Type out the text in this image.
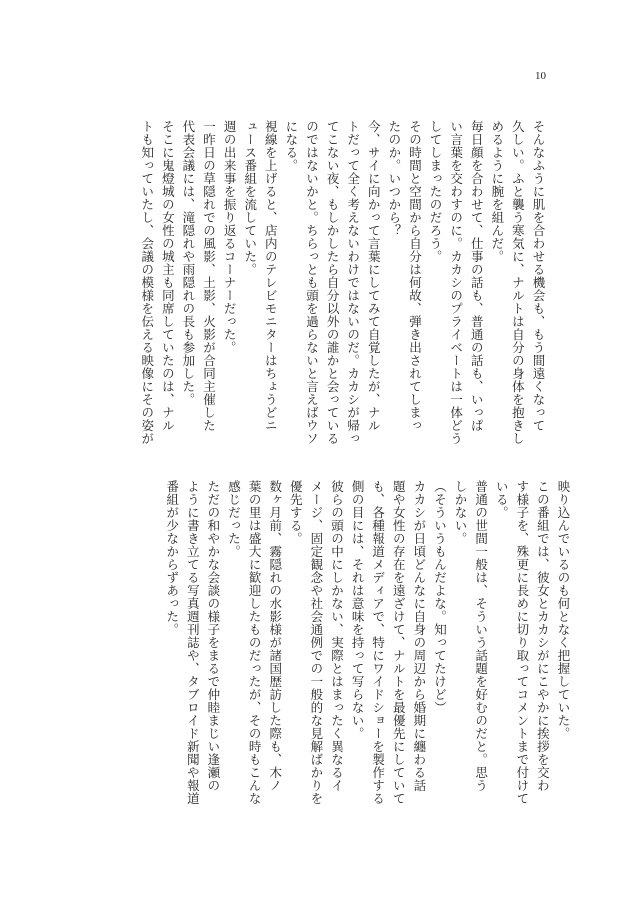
10
そんなふうに肌を合わせる機会も、もう間遠くなって
久しい。ふと襲う寒気に、ナルトは自分の身体を抱きし
めるように腕を組んだ。
毎日顔を合わせて、仕事の話も、普通の話も、いっぱ
い言葉を交わすのに。カカシのプライベートは一体どう
してしまったのだろう。
その時間と空間から自分は何故、弾き出されてしまっ
たのか。いつから？
今、サイに向かって言葉にしてみて自覚したが、ナル
トだって全く考えないわけではないのだ。カカシが帰っ
てこない夜、もしかしたら自分以外の誰かと会っている
のではないかと。ちらっとも頭を過らないと言えばウソ
になる。
視線を上げると、店内のテレビモニターはちょうどニ
ュース番組を流していた。
週の出来事を振り返るコーナーだった。
一昨日の草隠れでの風影、土影、火影が合同主催した
代表会議には、滝隠れや雨隠れの長も参加した。
そこに鬼燈城の女性の城主も同席していたのは、ナル
トも知っていたし、会議の模様を伝える映像にその姿が
映り込んでいるのも何となく把握していた。
この番組では、彼女とカカシがにこやかに挨拶を交わ
す様子を、殊更に長めに切り取ってコメントまで付けて
いる。
普通の世間一般は、そういう話題を好むのだと。思う
しかない。
（そういうもんだよな。知ってたけど）
カカシが日頃どんなに自身の周辺から婚期に纏わる話
題や女性の存在を遠ざけて、ナルトを最優先にしていて
も、各種報道メディアで、特にワイドショーを製作する
側の目には、それは意味を持って写らない。
彼らの頭の中にしかない、実際とはまったく異なるイ
メージ、固定観念や社会通例での一般的な見解ばかりを
優先する。
数ヶ月前、霧隠れの水影様が諸国歴訪した際も、木ノ
葉の里は盛大に歓迎したものだったが、その時もこんな
感じだった。
ただの和やかな会談の様子をまるで仲睦まじい逢瀬の
ように書き立てる写真週刊誌や、タブロイド新聞や報道
番組が少なからずあった。
